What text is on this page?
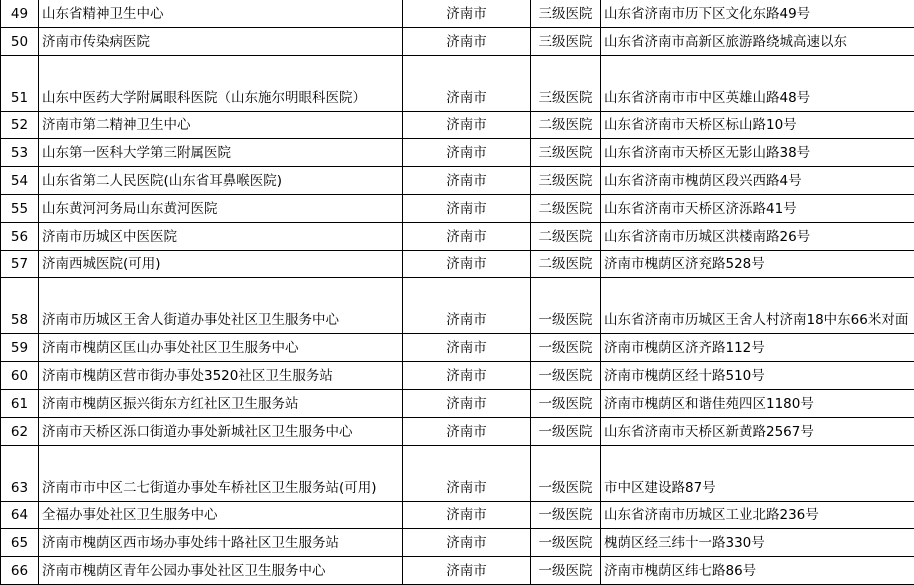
49	山东省精神卫生中心	济南市	三级医院	山东省济南市历下区文化东路49号
50	济南市传染病医院	济南市	三级医院	山东省济南市高新区旅游路绕城高速以东
51	山东中医药大学附属眼科医院（山东施尔明眼科医院）	济南市	三级医院	山东省济南市市中区英雄山路48号
52	济南市第二精神卫生中心	济南市	二级医院	山东省济南市天桥区标山路10号
53	山东第一医科大学第三附属医院	济南市	三级医院	山东省济南市天桥区无影山路38号
54	山东省第二人民医院(山东省耳鼻喉医院)	济南市	三级医院	山东省济南市槐荫区段兴西路4号
55	山东黄河河务局山东黄河医院	济南市	二级医院	山东省济南市天桥区济泺路41号
56	济南市历城区中医医院	济南市	二级医院	山东省济南市历城区洪楼南路26号
57	济南西城医院(可用)	济南市	二级医院	济南市槐荫区济兖路528号
58	济南市历城区王舍人街道办事处社区卫生服务中心	济南市	一级医院	山东省济南市历城区王舍人村济南18中东66米对面
59	济南市槐荫区匡山办事处社区卫生服务中心	济南市	一级医院	济南市槐荫区济齐路112号
60	济南市槐荫区营市街办事处3520社区卫生服务站	济南市	一级医院	济南市槐荫区经十路510号
61	济南市槐荫区振兴街东方红社区卫生服务站	济南市	一级医院	济南市槐荫区和谐佳苑四区1180号
62	济南市天桥区泺口街道办事处新城社区卫生服务中心	济南市	一级医院	山东省济南市天桥区新黄路2567号
63	济南市市中区二七街道办事处车桥社区卫生服务站(可用)	济南市	一级医院	市中区建设路87号
64	全福办事处社区卫生服务中心	济南市	一级医院	山东省济南市历城区工业北路236号
65	济南市槐荫区西市场办事处纬十路社区卫生服务站	济南市	一级医院	槐荫区经三纬十一路330号
66	济南市槐荫区青年公园办事处社区卫生服务中心	济南市	一级医院	济南市槐荫区纬七路86号
